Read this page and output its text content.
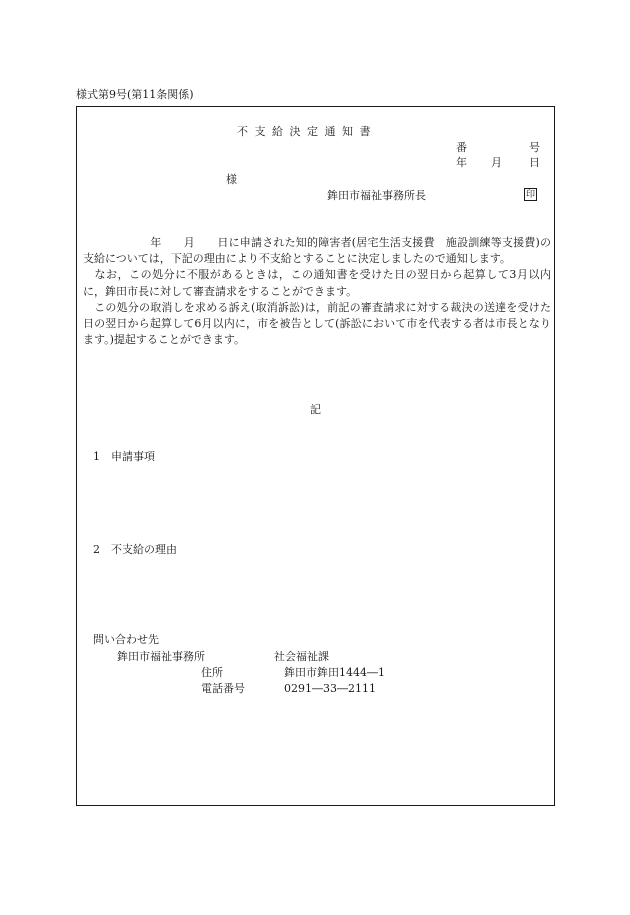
様式第9号(第11条関係)
不支給決定通知書
番	号
年 月 日
様
鉾田市福祉事務所長	印

　　　　　　年　　月　　日に申請された知的障害者(居宅生活支援費　施設訓練等支援費)の支給については，下記の理由により不支給とすることに決定しましたので通知します。

　なお，この処分に不服があるときは，この通知書を受けた日の翌日から起算して3月以内に，鉾田市長に対して審査請求をすることができます。

　この処分の取消しを求める訴え(取消訴訟)は，前記の審査請求に対する裁決の送達を受けた日の翌日から起算して6月以内に，市を被告として(訴訟において市を代表する者は市長となります。)提起することができます。

記
1　申請事項
2　不支給の理由
問い合わせ先
鉾田市福祉事務所	社会福祉課
住所	鉾田市鉾田1444―1
電話番号	0291―33―2111
